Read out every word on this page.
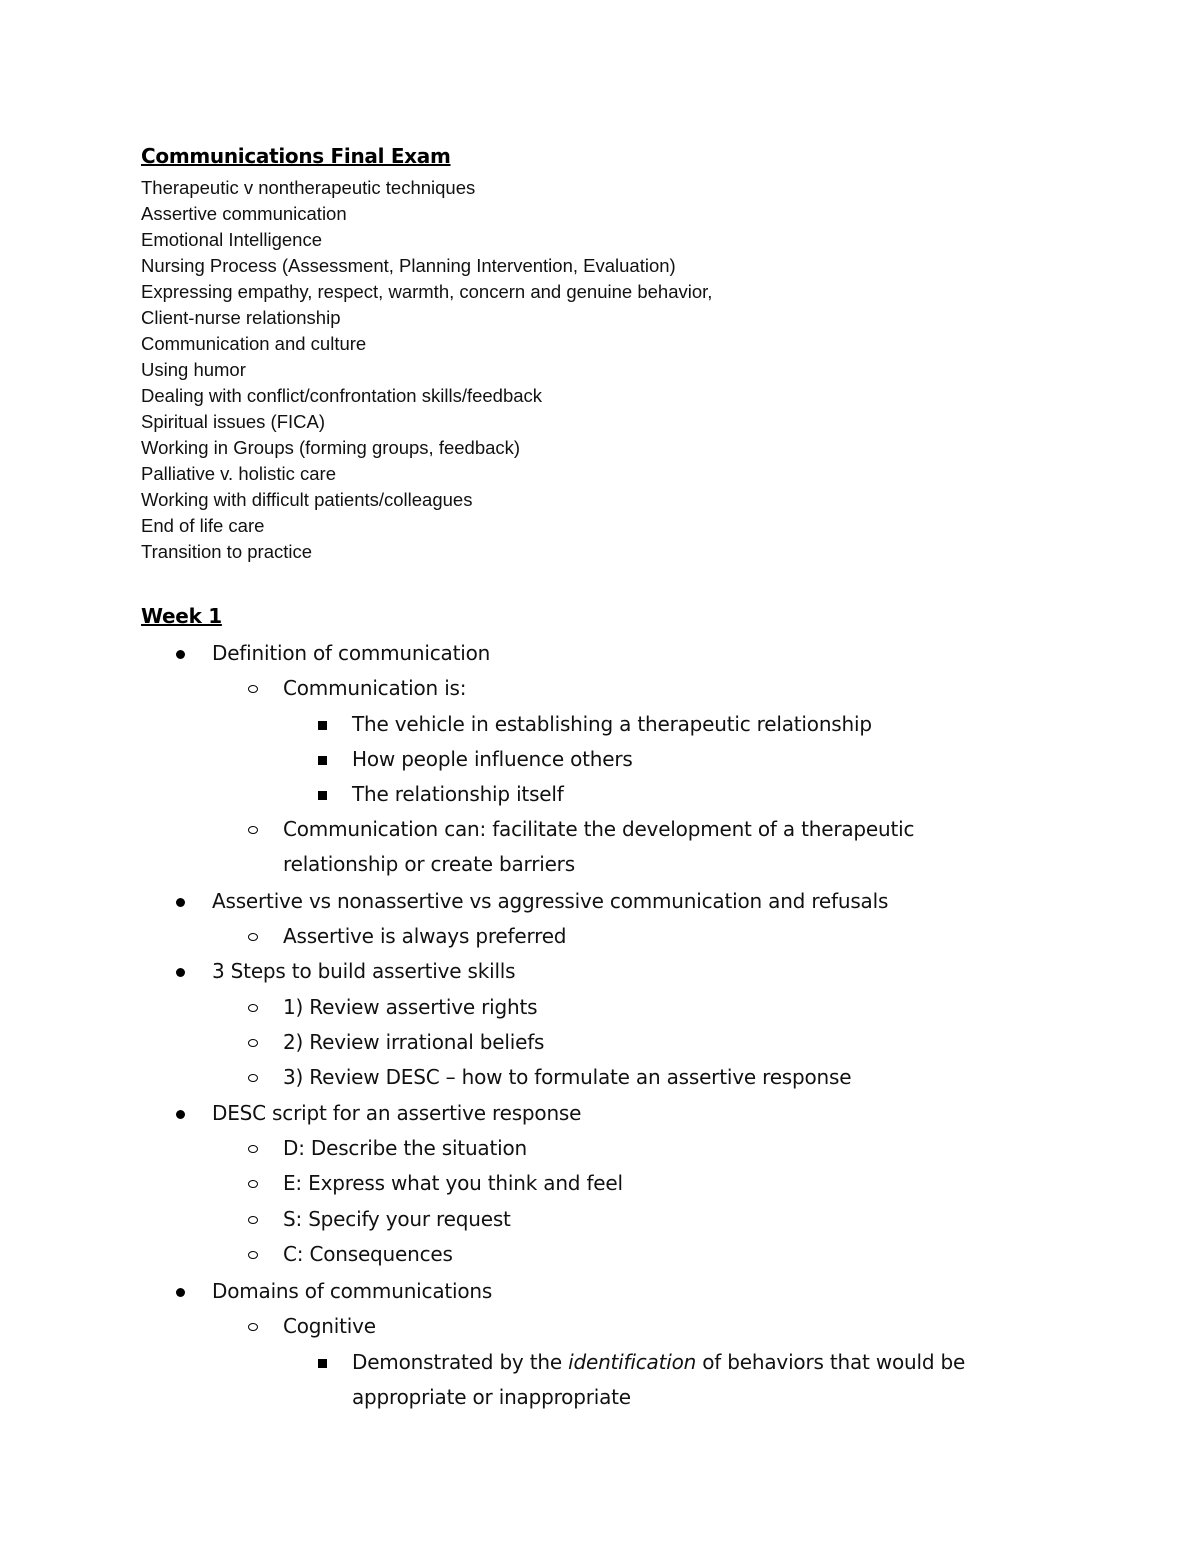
Communications Final Exam
Therapeutic v nontherapeutic techniques
Assertive communication
Emotional Intelligence
Nursing Process (Assessment, Planning Intervention, Evaluation)
Expressing empathy, respect, warmth, concern and genuine behavior,
Client-nurse relationship
Communication and culture
Using humor
Dealing with conflict/confrontation skills/feedback
Spiritual issues (FICA)
Working in Groups (forming groups, feedback)
Palliative v. holistic care
Working with difficult patients/colleagues
End of life care
Transition to practice
Week 1
Definition of communication
Communication is:
The vehicle in establishing a therapeutic relationship
How people influence others
The relationship itself
Communication can: facilitate the development of a therapeutic
relationship or create barriers
Assertive vs nonassertive vs aggressive communication and refusals
Assertive is always preferred
3 Steps to build assertive skills
1) Review assertive rights
2) Review irrational beliefs
3) Review DESC – how to formulate an assertive response
DESC script for an assertive response
D: Describe the situation
E: Express what you think and feel
S: Specify your request
C: Consequences
Domains of communications
Cognitive
Demonstrated by the identification of behaviors that would be
appropriate or inappropriate
